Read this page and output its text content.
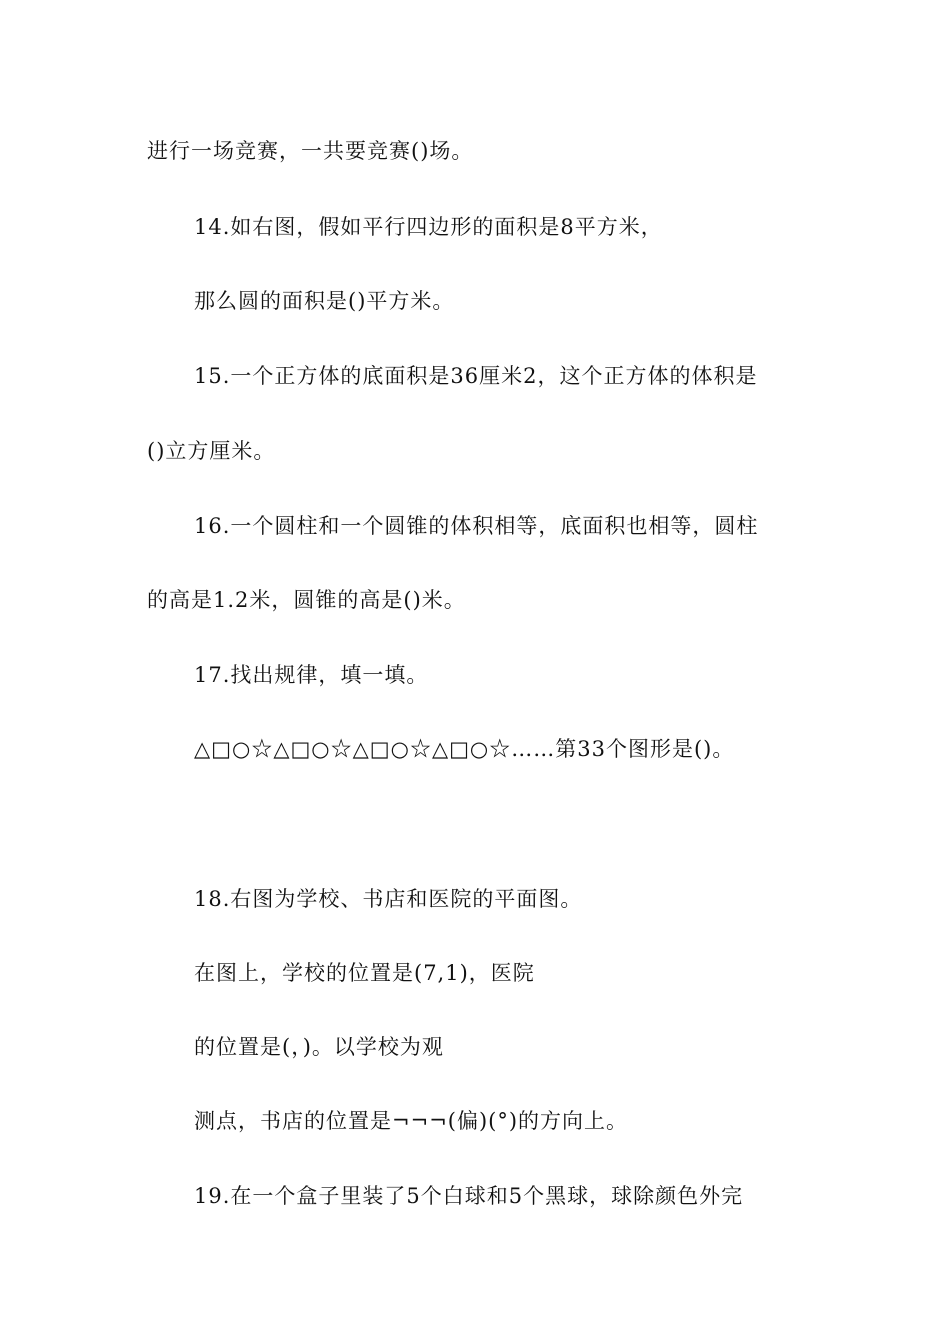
进行一场竞赛，一共要竞赛()场。
14.如右图，假如平行四边形的面积是8平方米，
那么圆的面积是()平方米。
15.一个正方体的底面积是36厘米2，这个正方体的体积是
()立方厘米。
16.一个圆柱和一个圆锥的体积相等，底面积也相等，圆柱
的高是1.2米，圆锥的高是()米。
17.找出规律，填一填。
△□○☆△□○☆△□○☆△□○☆……第33个图形是()。
18.右图为学校、书店和医院的平面图。
在图上，学校的位置是(7,1)，医院
的位置是(，)。以学校为观
测点，书店的位置是¬¬¬(偏)(°)的方向上。
19.在一个盒子里装了5个白球和5个黑球，球除颜色外完
